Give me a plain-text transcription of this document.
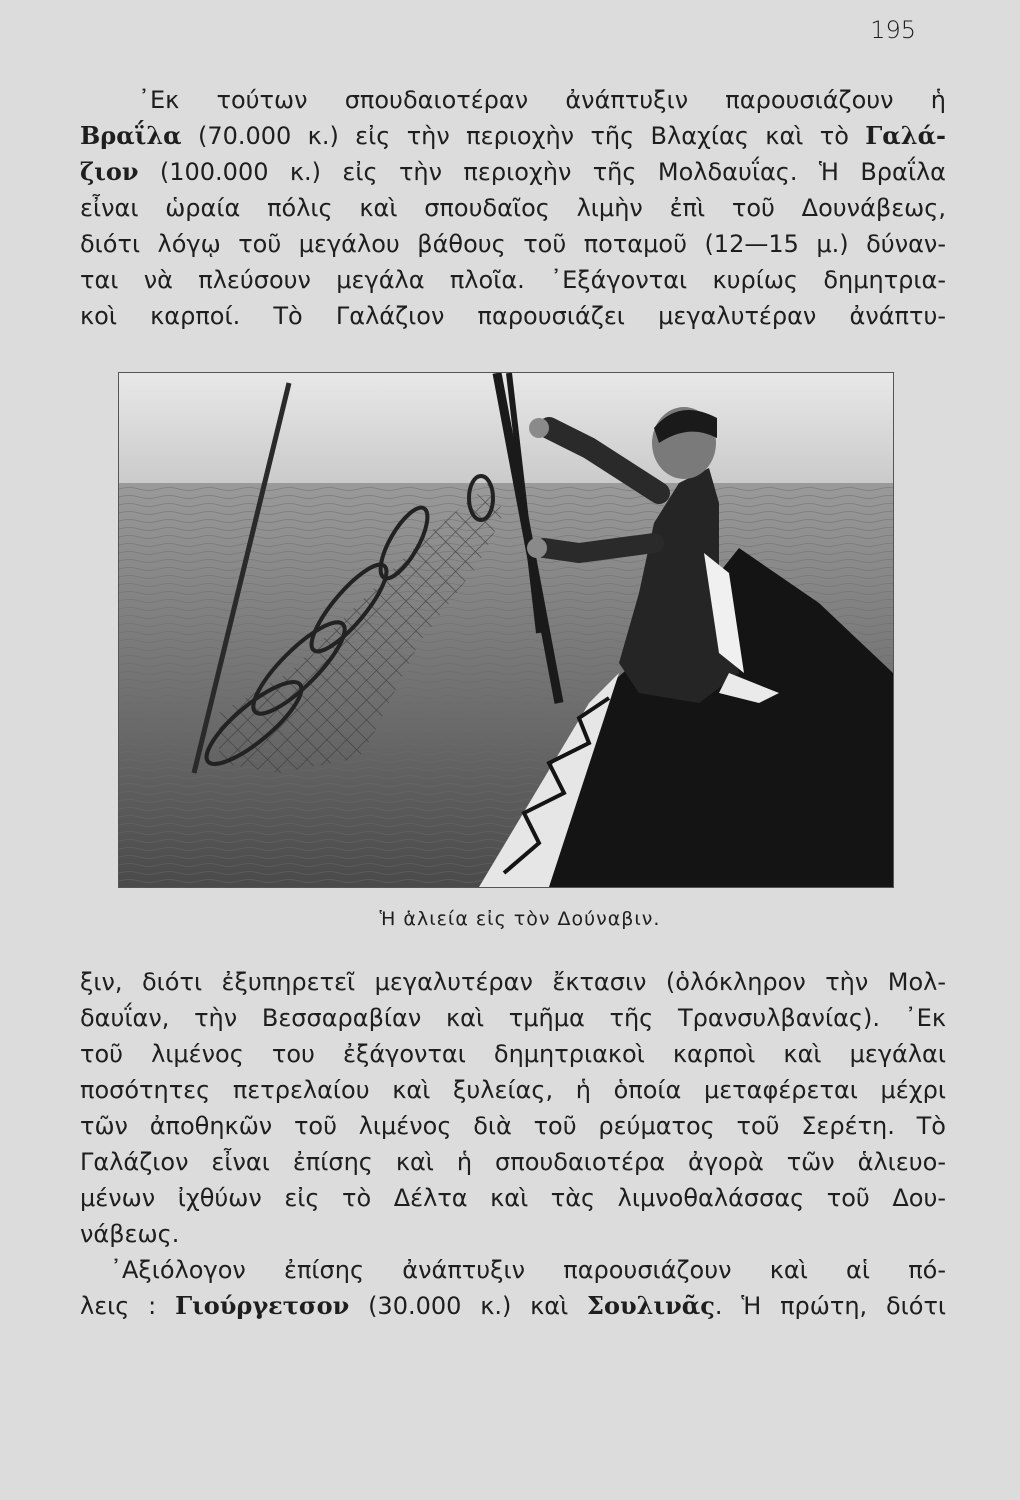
195
᾿Εκ τούτων σπουδαιοτέραν ἀνάπτυξιν παρουσιάζουν ἡ
Βραΐλα (70.000 κ.) εἰς τὴν περιοχὴν τῆς Βλαχίας καὶ τὸ Γαλά-
ζιον (100.000 κ.) εἰς τὴν περιοχὴν τῆς Μολδαυΐας. Ἡ Βραΐλα
εἶναι ὡραία πόλις καὶ σπουδαῖος λιμὴν ἐπὶ τοῦ Δουνάβεως,
διότι λόγῳ τοῦ μεγάλου βάθους τοῦ ποταμοῦ (12—15 μ.) δύναν-
ται νὰ πλεύσουν μεγάλα πλοῖα. ᾿Εξάγονται κυρίως δημητρια-
κοὶ καρποί. Τὸ Γαλάζιον παρουσιάζει μεγαλυτέραν ἀνάπτυ-
Ἡ ἁλιεία εἰς τὸν Δούναβιν.
ξιν, διότι ἐξυπηρετεῖ μεγαλυτέραν ἔκτασιν (ὁλόκληρον τὴν Μολ-
δαυΐαν, τὴν Βεσσαραβίαν καὶ τμῆμα τῆς Τρανσυλβανίας). ᾿Εκ
τοῦ λιμένος του ἐξάγονται δημητριακοὶ καρποὶ καὶ μεγάλαι
ποσότητες πετρελαίου καὶ ξυλείας, ἡ ὁποία μεταφέρεται μέχρι
τῶν ἀποθηκῶν τοῦ λιμένος διὰ τοῦ ρεύματος τοῦ Σερέτη. Τὸ
Γαλάζιον εἶναι ἐπίσης καὶ ἡ σπουδαιοτέρα ἀγορὰ τῶν ἁλιευο-
μένων ἰχθύων εἰς τὸ Δέλτα καὶ τὰς λιμνοθαλάσσας τοῦ Δου-
νάβεως.
᾿Αξιόλογον ἐπίσης ἀνάπτυξιν παρουσιάζουν καὶ αἱ πό-
λεις : Γιούργετσον (30.000 κ.) καὶ Σουλινᾶς. Ἡ πρώτη, διότι
